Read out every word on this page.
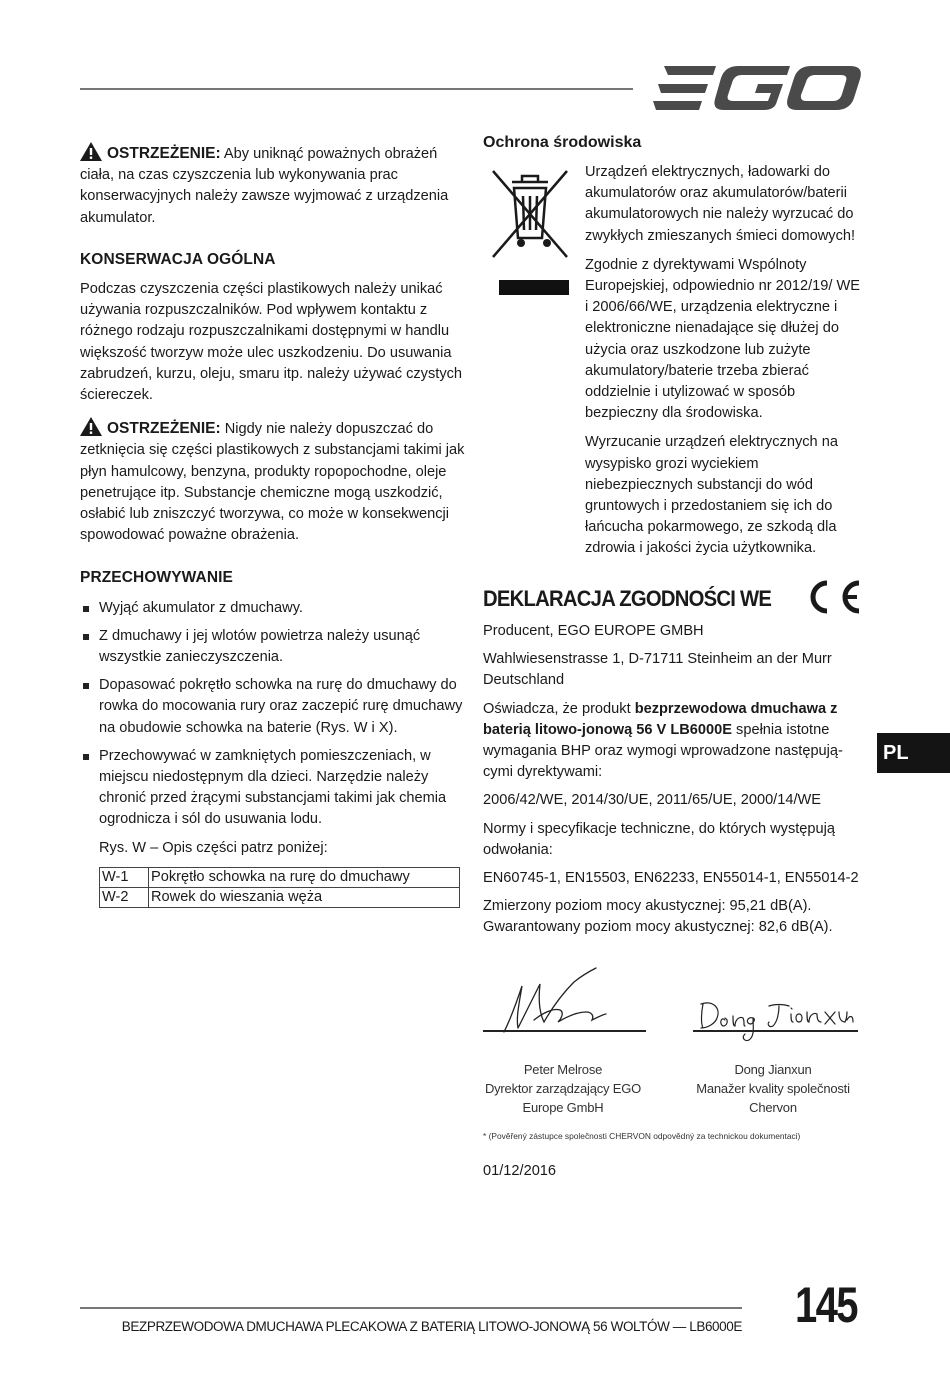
OSTRZEŻENIE: Aby uniknąć poważnych obrażeń ciała, na czas czyszczenia lub wykonywania prac konserwacyjnych należy zawsze wyjmować z urządzenia akumulator.

KONSERWACJA OGÓLNA

Podczas czyszczenia części plastikowych należy unikać używania rozpuszczalników. Pod wpływem kontaktu z różnego rodzaju rozpuszczalnikami dostępnymi w handlu większość tworzyw może ulec uszkodzeniu. Do usuwania zabrudzeń, kurzu, oleju, smaru itp. należy używać czystych ściereczek.

OSTRZEŻENIE: Nigdy nie należy dopuszczać do zetknięcia się części plastikowych z substancjami takimi jak płyn hamulcowy, benzyna, produkty ropopochodne, oleje penetrujące itp. Substancje chemiczne mogą uszkodzić, osłabić lub zniszczyć tworzywa, co może w konsekwencji spowodować poważne obrażenia.

PRZECHOWYWANIE
Wyjąć akumulator z dmuchawy.
Z dmuchawy i jej wlotów powietrza należy usunąć wszystkie zanieczyszczenia.
Dopasować pokrętło schowka na rurę do dmuchawy do rowka do mocowania rury oraz zaczepić rurę dmuchawy na obudowie schowka na baterie (Rys. W i X).
Przechowywać w zamkniętych pomieszczeniach, w miejscu niedostępnym dla dzieci. Narzędzie należy chronić przed żrącymi substancjami takimi jak chemia ogrodnicza i sól do usuwania lodu.
Rys. W – Opis części patrz poniżej:
W-1	Pokrętło schowka na rurę do dmuchawy
W-2	Rowek do wieszania węża
Ochrona środowiska

Urządzeń elektrycznych, ładowarki do akumulatorów oraz akumulatorów/baterii akumulatorowych nie należy wyrzucać do zwykłych zmieszanych śmieci domowych!

Zgodnie z dyrektywami Wspólnoty Europejskiej, odpowiednio nr 2012/19/ WE i 2006/66/WE, urządzenia elektryczne i elektroniczne nienadające się dłużej do użycia oraz uszkodzone lub zużyte akumulatory/baterie trzeba zbierać oddzielnie i utylizować w sposób bezpieczny dla środowiska.

Wyrzucanie urządzeń elektrycznych na wysypisko grozi wyciekiem niebezpiecznych substancji do wód gruntowych i przedostaniem się ich do łańcucha pokarmowego, ze szkodą dla zdrowia i jakości życia użytkownika.

DEKLARACJA ZGODNOŚCI WE

Producent, EGO EUROPE GMBH

Wahlwiesenstrasse 1, D-71711 Steinheim an der Murr Deutschland

Oświadcza, że produkt bezprzewodowa dmuchawa z baterią litowo-jonową 56 V LB6000E spełnia istotne wymagania BHP oraz wymogi wprowadzone następują- cymi dyrektywami:

2006/42/WE, 2014/30/UE, 2011/65/UE, 2000/14/WE

Normy i specyfikacje techniczne, do których występują odwołania:

EN60745-1, EN15503, EN62233, EN55014-1, EN55014-2

Zmierzony poziom mocy akustycznej: 95,21 dB(A).

Gwarantowany poziom mocy akustycznej: 82,6 dB(A).

Peter Melrose
Dyrektor zarządzający EGO
Europe GmbH
Dong Jianxun
Manažer kvality společnosti
Chervon
* (Pověřený zástupce společnosti CHERVON odpovědný za technickou dokumentaci)
01/12/2016
PL
BEZPRZEWODOWA DMUCHAWA PLECAKOWA Z BATERIĄ LITOWO-JONOWĄ 56 WOLTÓW — LB6000E 145
